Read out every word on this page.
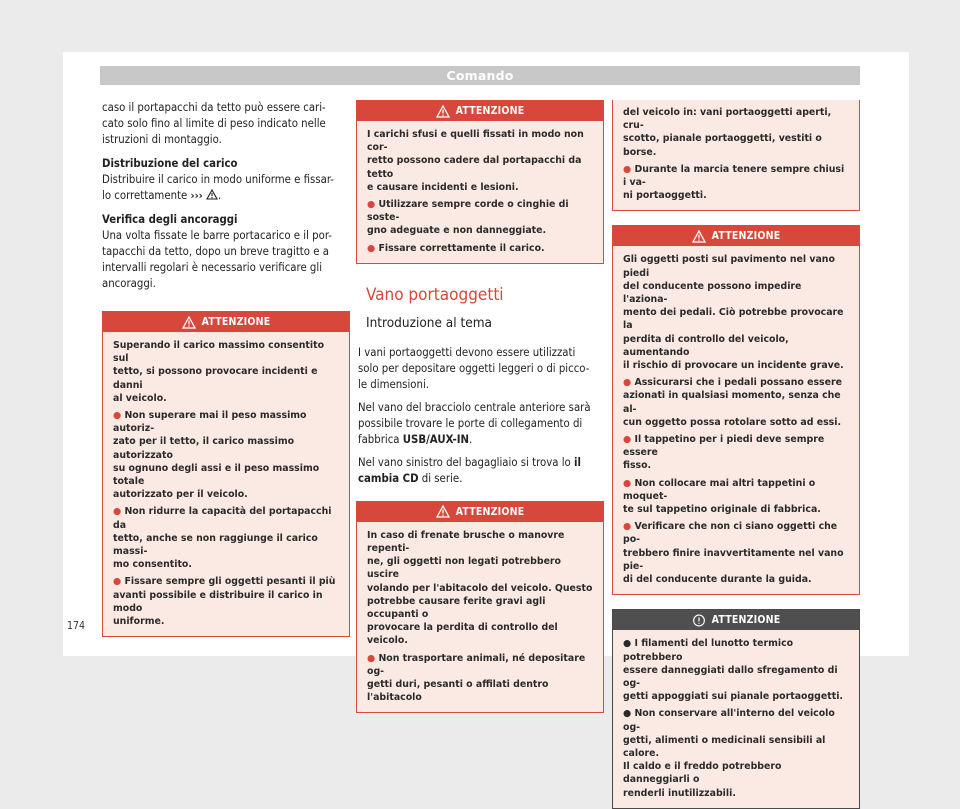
Comando

caso il portapacchi da tetto può essere cari-
cato solo fino al limite di peso indicato nelle
istruzioni di montaggio.

Distribuzione del carico

Distribuire il carico in modo uniforme e fissar-
lo correttamente ››› .

Verifica degli ancoraggi

Una volta fissate le barre portacarico e il por-
tapacchi da tetto, dopo un breve tragitto e a
intervalli regolari è necessario verificare gli
ancoraggi.

ATTENZIONE
Superando il carico massimo consentito sul
tetto, si possono provocare incidenti e danni
al veicolo.
● Non superare mai il peso massimo autoriz-
zato per il tetto, il carico massimo autorizzato
su ognuno degli assi e il peso massimo totale
autorizzato per il veicolo.
● Non ridurre la capacità del portapacchi da
tetto, anche se non raggiunge il carico massi-
mo consentito.
● Fissare sempre gli oggetti pesanti il più
avanti possibile e distribuire il carico in modo
uniforme.
ATTENZIONE
I carichi sfusi e quelli fissati in modo non cor-
retto possono cadere dal portapacchi da tetto
e causare incidenti e lesioni.
● Utilizzare sempre corde o cinghie di soste-
gno adeguate e non danneggiate.
● Fissare correttamente il carico.
Vano portaoggetti
Introduzione al tema

I vani portaoggetti devono essere utilizzati
solo per depositare oggetti leggeri o di picco-
le dimensioni.

Nel vano del bracciolo centrale anteriore sarà
possibile trovare le porte di collegamento di
fabbrica USB/AUX-IN.

Nel vano sinistro del bagagliaio si trova lo il
cambia CD di serie.

ATTENZIONE
In caso di frenate brusche o manovre repenti-
ne, gli oggetti non legati potrebbero uscire
volando per l'abitacolo del veicolo. Questo
potrebbe causare ferite gravi agli occupanti o
provocare la perdita di controllo del veicolo.
● Non trasportare animali, né depositare og-
getti duri, pesanti o affilati dentro l'abitacolo
del veicolo in: vani portaoggetti aperti, cru-
scotto, pianale portaoggetti, vestiti o borse.
● Durante la marcia tenere sempre chiusi i va-
ni portaoggetti.
ATTENZIONE
Gli oggetti posti sul pavimento nel vano piedi
del conducente possono impedire l'aziona-
mento dei pedali. Ciò potrebbe provocare la
perdita di controllo del veicolo, aumentando
il rischio di provocare un incidente grave.
● Assicurarsi che i pedali possano essere
azionati in qualsiasi momento, senza che al-
cun oggetto possa rotolare sotto ad essi.
● Il tappetino per i piedi deve sempre essere
fisso.
● Non collocare mai altri tappetini o moquet-
te sul tappetino originale di fabbrica.
● Verificare che non ci siano oggetti che po-
trebbero finire inavvertitamente nel vano pie-
di del conducente durante la guida.
ATTENZIONE
● I filamenti del lunotto termico potrebbero
essere danneggiati dallo sfregamento di og-
getti appoggiati sui pianale portaoggetti.
● Non conservare all'interno del veicolo og-
getti, alimenti o medicinali sensibili al calore.
Il caldo e il freddo potrebbero danneggiarli o
renderli inutilizzabili.
174
